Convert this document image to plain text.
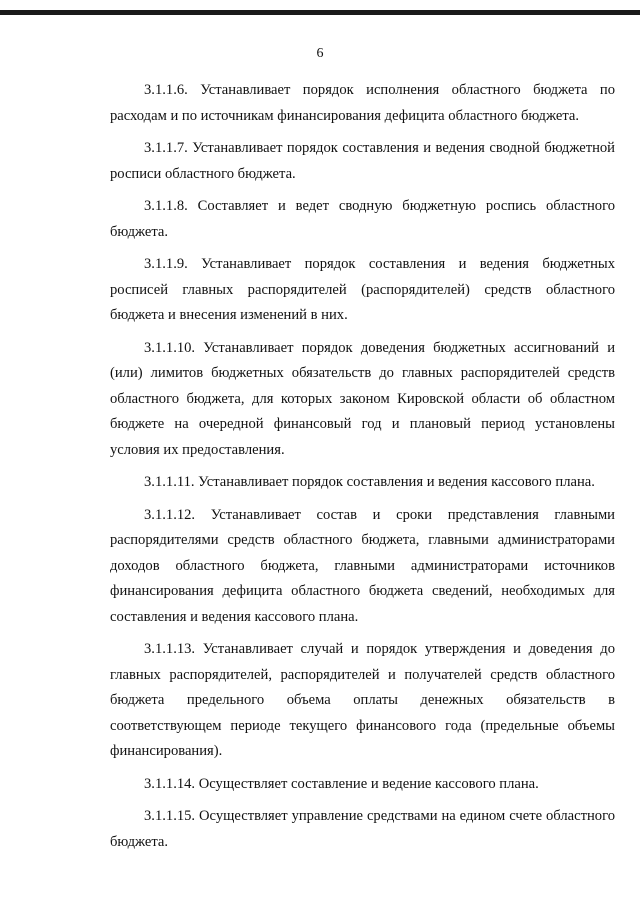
6

3.1.1.6. Устанавливает порядок исполнения областного бюджета по расходам и по источникам финансирования дефицита областного бюджета.

3.1.1.7. Устанавливает порядок составления и ведения сводной бюджетной росписи областного бюджета.

3.1.1.8. Составляет и ведет сводную бюджетную роспись областного бюджета.

3.1.1.9. Устанавливает порядок составления и ведения бюджетных росписей главных распорядителей (распорядителей) средств областного бюджета и внесения изменений в них.

3.1.1.10. Устанавливает порядок доведения бюджетных ассигнований и (или) лимитов бюджетных обязательств до главных распорядителей средств областного бюджета, для которых законом Кировской области об областном бюджете на очередной финансовый год и плановый период установлены условия их предоставления.

3.1.1.11. Устанавливает порядок составления и ведения кассового плана.

3.1.1.12. Устанавливает состав и сроки представления главными распорядителями средств областного бюджета, главными администраторами доходов областного бюджета, главными администраторами источников финансирования дефицита областного бюджета сведений, необходимых для составления и ведения кассового плана.

3.1.1.13. Устанавливает случай и порядок утверждения и доведения до главных распорядителей, распорядителей и получателей средств областного бюджета предельного объема оплаты денежных обязательств в соответствующем периоде текущего финансового года (предельные объемы финансирования).

3.1.1.14. Осуществляет составление и ведение кассового плана.

3.1.1.15. Осуществляет управление средствами на едином счете областного бюджета.
